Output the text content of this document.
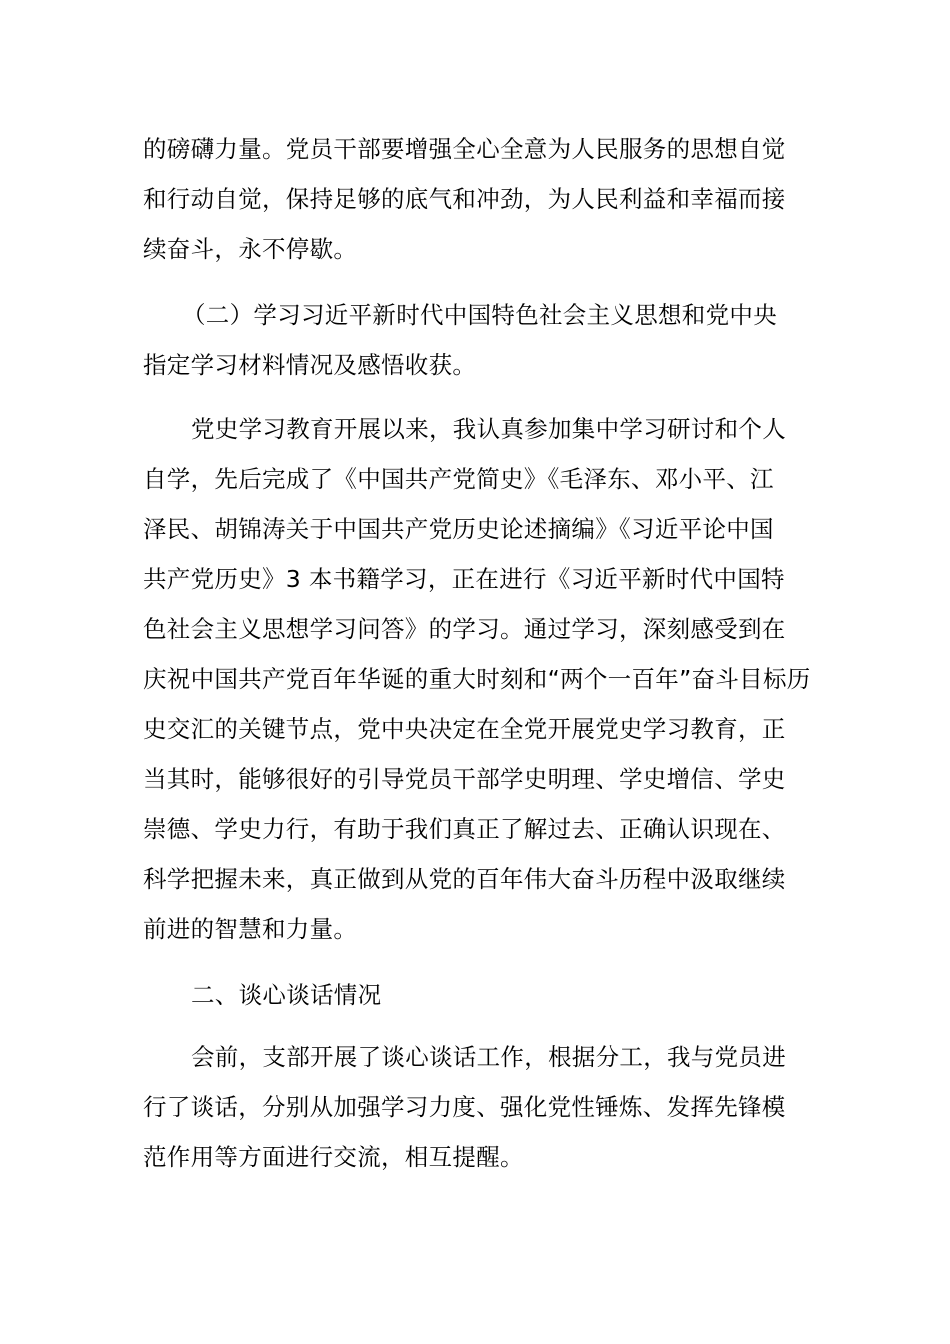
的磅礴力量。党员干部要增强全心全意为人民服务的思想自觉
和行动自觉，保持足够的底气和冲劲，为人民利益和幸福而接
续奋斗，永不停歇。
（二）学习习近平新时代中国特色社会主义思想和党中央
指定学习材料情况及感悟收获。
党史学习教育开展以来，我认真参加集中学习研讨和个人
自学，先后完成了《中国共产党简史》《毛泽东、邓小平、江
泽民、胡锦涛关于中国共产党历史论述摘编》《习近平论中国
共产党历史》3 本书籍学习，正在进行《习近平新时代中国特
色社会主义思想学习问答》的学习。通过学习，深刻感受到在
庆祝中国共产党百年华诞的重大时刻和“两个一百年”奋斗目标历
史交汇的关键节点，党中央决定在全党开展党史学习教育，正
当其时，能够很好的引导党员干部学史明理、学史增信、学史
崇德、学史力行，有助于我们真正了解过去、正确认识现在、
科学把握未来，真正做到从党的百年伟大奋斗历程中汲取继续
前进的智慧和力量。
二、谈心谈话情况
会前，支部开展了谈心谈话工作，根据分工，我与党员进
行了谈话，分别从加强学习力度、强化党性锤炼、发挥先锋模
范作用等方面进行交流，相互提醒。
